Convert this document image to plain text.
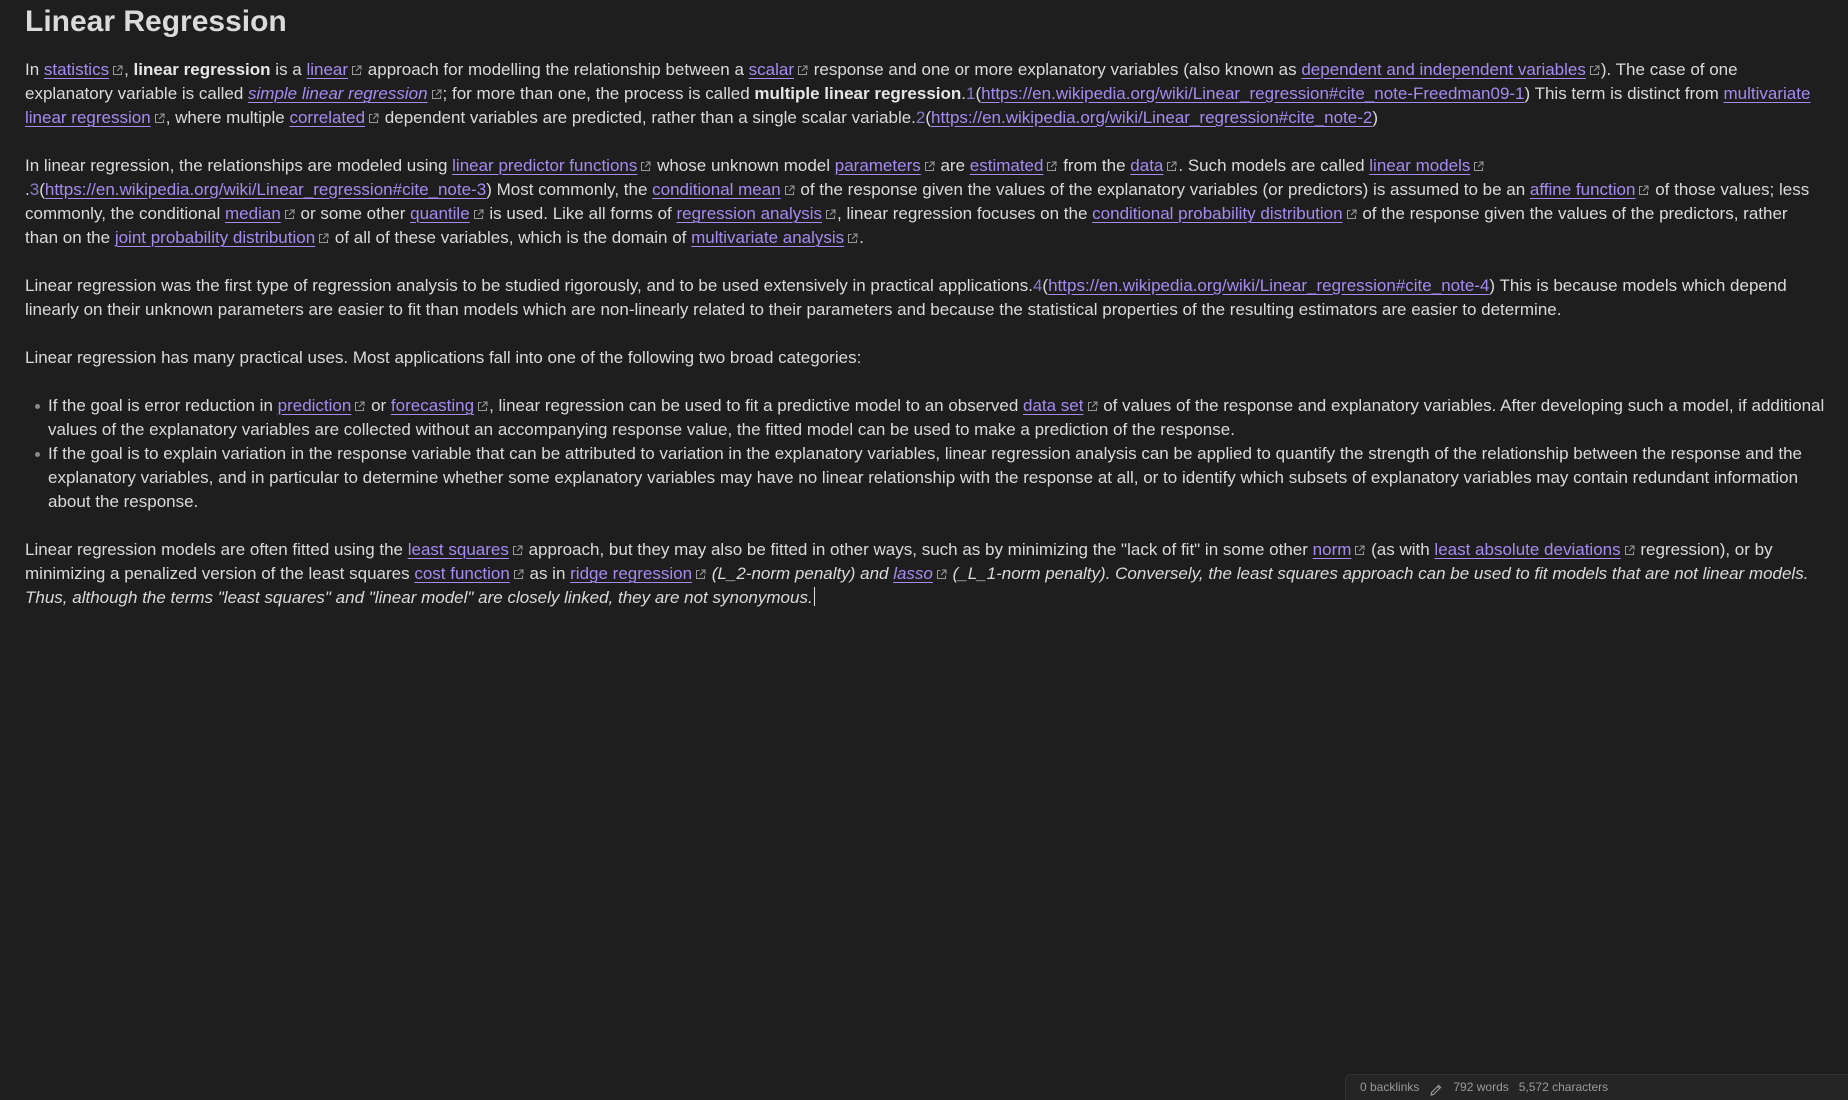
Linear Regression

In statistics , linear regression is a linear
approach for modelling the relationship between a scalar
response and one or more explanatory variables (also known as dependent and independent variables ). The case of one explanatory variable is called simple linear regression ; for more than one, the process is called multiple linear regression.1(https://en.wikipedia.org/wiki/Linear_regression#cite_note-Freedman09-1) This term is distinct from multivariate linear regression , where multiple correlated
dependent variables are predicted, rather than a single scalar variable.2(https://en.wikipedia.org/wiki/Linear_regression#cite_note-2)

In linear regression, the relationships are modeled using linear predictor functions
whose unknown model parameters
are estimated
from the data . Such models are called linear models
.3(https://en.wikipedia.org/wiki/Linear_regression#cite_note-3) Most commonly, the conditional mean
of the response given the values of the explanatory variables (or predictors) is assumed to be an affine function
of those values; less commonly, the conditional median
or some other quantile
is used. Like all forms of regression analysis , linear regression focuses on the conditional probability distribution
of the response given the values of the predictors, rather than on the joint probability distribution
of all of these variables, which is the domain of multivariate analysis .

Linear regression was the first type of regression analysis to be studied rigorously, and to be used extensively in practical applications.4(https://en.wikipedia.org/wiki/Linear_regression#cite_note-4) This is because models which depend linearly on their unknown parameters are easier to fit than models which are non-linearly related to their parameters and because the statistical properties of the resulting estimators are easier to determine.

Linear regression has many practical uses. Most applications fall into one of the following two broad categories:

If the goal is error reduction in prediction
or forecasting , linear regression can be used to fit a predictive model to an observed data set
of values of the response and explanatory variables. After developing such a model, if additional values of the explanatory variables are collected without an accompanying response value, the fitted model can be used to make a prediction of the response.
If the goal is to explain variation in the response variable that can be attributed to variation in the explanatory variables, linear regression analysis can be applied to quantify the strength of the relationship between the response and the explanatory variables, and in particular to determine whether some explanatory variables may have no linear relationship with the response at all, or to identify which subsets of explanatory variables may contain redundant information about the response.

Linear regression models are often fitted using the least squares
approach, but they may also be fitted in other ways, such as by minimizing the "lack of fit" in some other norm
(as with least absolute deviations
regression), or by minimizing a penalized version of the least squares cost function
as in ridge regression
(L_2-norm penalty) and lasso
(_L_1-norm penalty). Conversely, the least squares approach can be used to fit models that are not linear models. Thus, although the terms "least squares" and "linear model" are closely linked, they are not synonymous.

0 backlinks	792 words 5,572 characters
